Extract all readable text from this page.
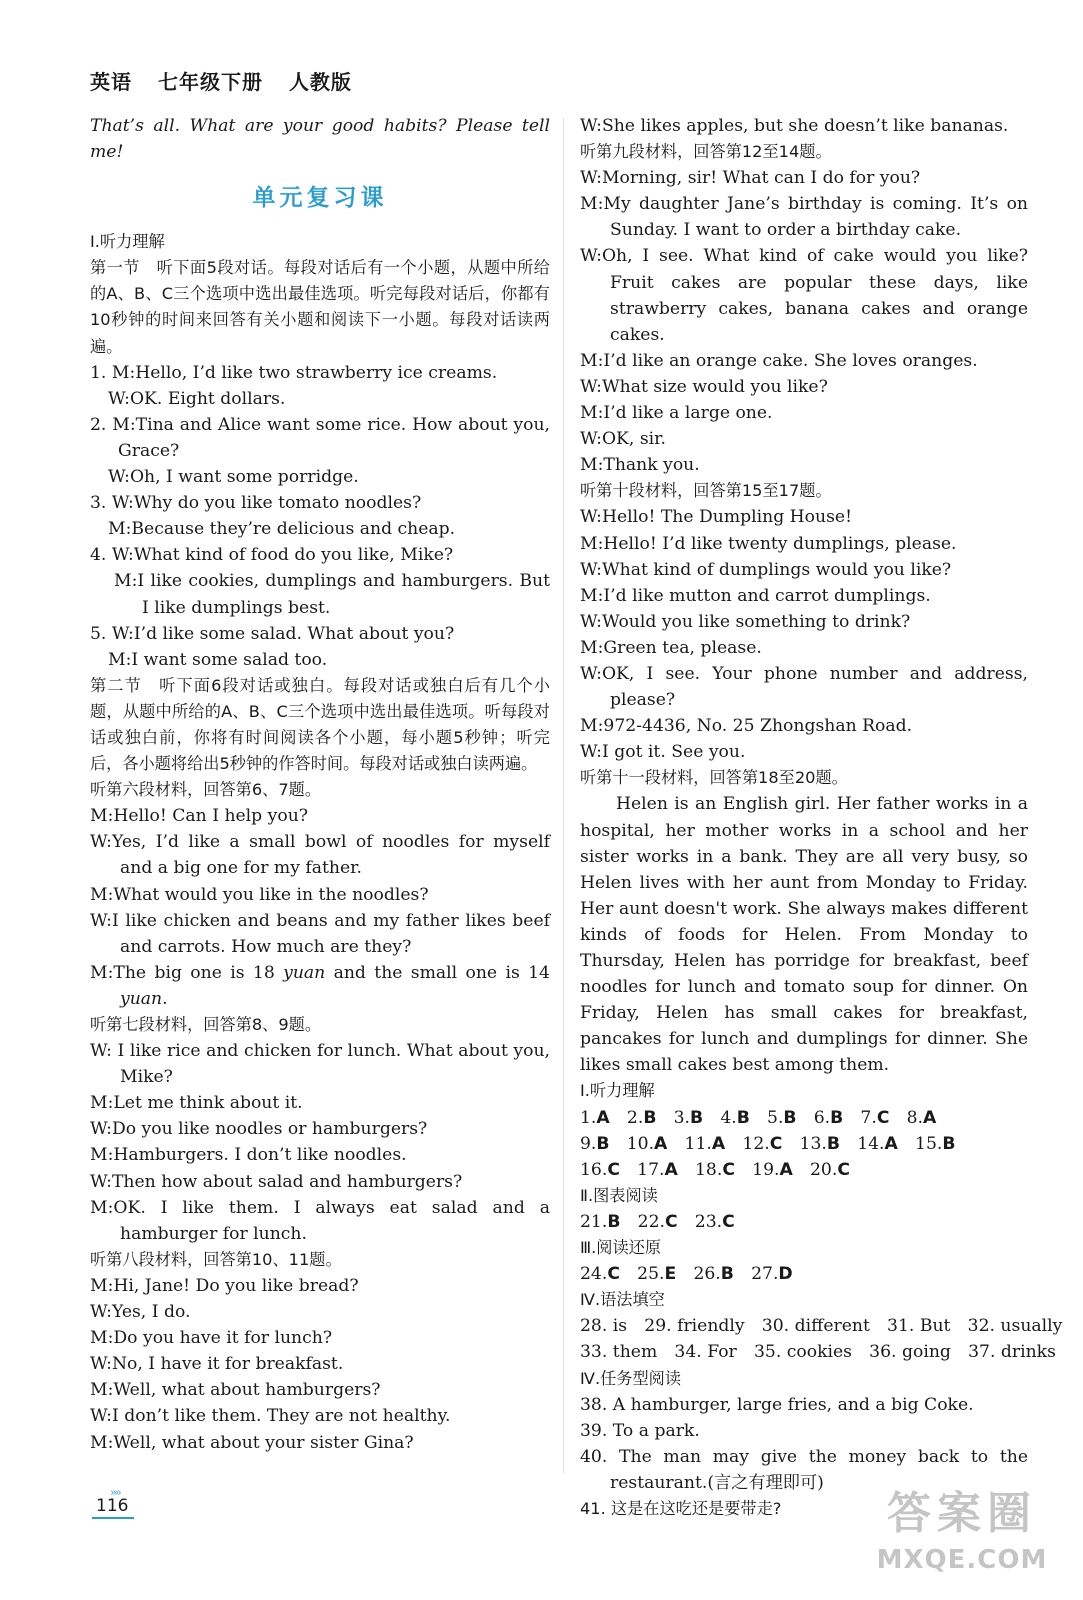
英语 七年级下册 人教版

That’s all. What are your good habits? Please tell me!

单元复习课

Ⅰ.听力理解

第一节　听下面5段对话。每段对话后有一个小题，从题中所给的A、B、C三个选项中选出最佳选项。听完每段对话后，你都有10秒钟的时间来回答有关小题和阅读下一小题。每段对话读两遍。

1. M:Hello, I’d like two strawberry ice creams.

W:OK. Eight dollars.

2. M:Tina and Alice want some rice. How about you, Grace?

W:Oh, I want some porridge.

3. W:Why do you like tomato noodles?

M:Because they’re delicious and cheap.

4. W:What kind of food do you like, Mike?

M:I like cookies, dumplings and hamburgers. But I like dumplings best.

5. W:I’d like some salad. What about you?

M:I want some salad too.

第二节　听下面6段对话或独白。每段对话或独白后有几个小题，从题中所给的A、B、C三个选项中选出最佳选项。听每段对话或独白前，你将有时间阅读各个小题，每小题5秒钟；听完后，各小题将给出5秒钟的作答时间。每段对话或独白读两遍。

听第六段材料，回答第6、7题。

M:Hello! Can I help you?

W:Yes, I’d like a small bowl of noodles for myself and a big one for my father.

M:What would you like in the noodles?

W:I like chicken and beans and my father likes beef and carrots. How much are they?

M:The big one is 18 yuan and the small one is 14 yuan.

听第七段材料，回答第8、9题。

W: I like rice and chicken for lunch. What about you, Mike?

M:Let me think about it.

W:Do you like noodles or hamburgers?

M:Hamburgers. I don’t like noodles.

W:Then how about salad and hamburgers?

M:OK. I like them. I always eat salad and a hamburger for lunch.

听第八段材料，回答第10、11题。

M:Hi, Jane! Do you like bread?

W:Yes, I do.

M:Do you have it for lunch?

W:No, I have it for breakfast.

M:Well, what about hamburgers?

W:I don’t like them. They are not healthy.

M:Well, what about your sister Gina?

W:She likes apples, but she doesn’t like bananas.

听第九段材料，回答第12至14题。

W:Morning, sir! What can I do for you?

M:My daughter Jane’s birthday is coming. It’s on Sunday. I want to order a birthday cake.

W:Oh, I see. What kind of cake would you like? Fruit cakes are popular these days, like strawberry cakes, banana cakes and orange cakes.

M:I’d like an orange cake. She loves oranges.

W:What size would you like?

M:I’d like a large one.

W:OK, sir.

M:Thank you.

听第十段材料，回答第15至17题。

W:Hello! The Dumpling House!

M:Hello! I’d like twenty dumplings, please.

W:What kind of dumplings would you like?

M:I’d like mutton and carrot dumplings.

W:Would you like something to drink?

M:Green tea, please.

W:OK, I see. Your phone number and address, please?

M:972-4436, No. 25 Zhongshan Road.

W:I got it. See you.

听第十一段材料，回答第18至20题。

Helen is an English girl. Her father works in a hospital, her mother works in a school and her sister works in a bank. They are all very busy, so Helen lives with her aunt from Monday to Friday. Her aunt doesn't work. She always makes different kinds of foods for Helen. From Monday to Thursday, Helen has porridge for breakfast, beef noodles for lunch and tomato soup for dinner. On Friday, Helen has small cakes for breakfast, pancakes for lunch and dumplings for dinner. She likes small cakes best among them.

Ⅰ.听力理解

1.A  2.B  3.B  4.B  5.B  6.B  7.C  8.A

9.B  10.A  11.A  12.C  13.B  14.A  15.B

16.C  17.A  18.C  19.A  20.C

Ⅱ.图表阅读

21.B  22.C  23.C

Ⅲ.阅读还原

24.C  25.E  26.B  27.D

Ⅳ.语法填空

28. is　29. friendly　30. different　31. But　32. usually

33. them　34. For　35. cookies　36. going　37. drinks

Ⅳ.任务型阅读

38. A hamburger, large fries, and a big Coke.

39. To a park.

40. The man may give the money back to the restaurant.(言之有理即可)

41. 这是在这吃还是要带走?

››››
116	答案圈
MXQE.COM
